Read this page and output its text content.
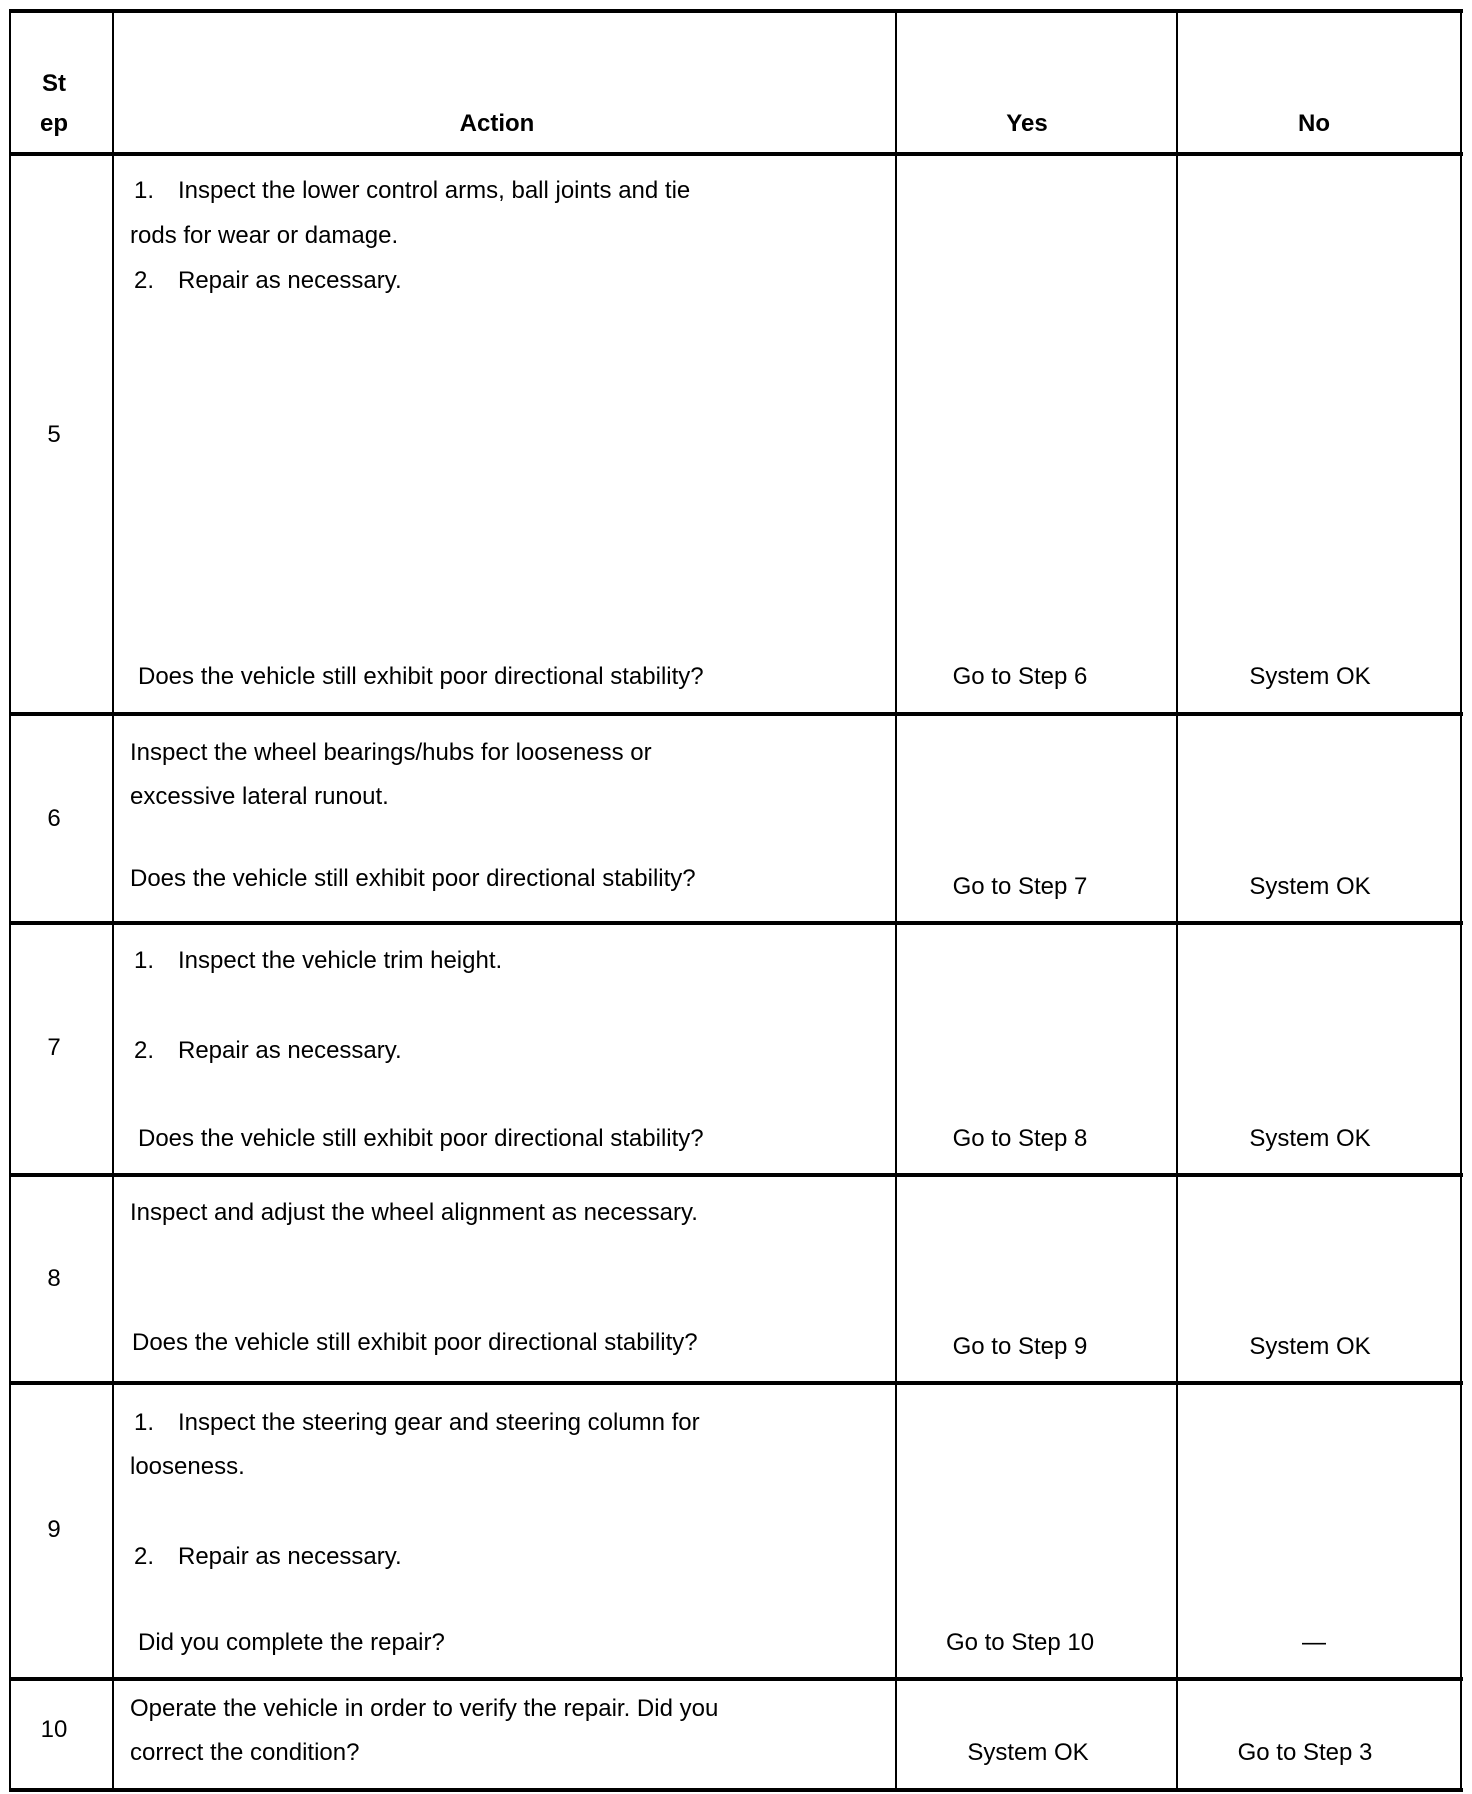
St
ep	Action	Yes	No
5
1. Inspect the lower control arms, ball joints and tie
rods for wear or damage.
2. Repair as necessary.
Does the vehicle still exhibit poor directional stability?	Go to Step 6	System OK
6
Inspect the wheel bearings/hubs for looseness or
excessive lateral runout.
Does the vehicle still exhibit poor directional stability?	Go to Step 7	System OK
7
1. Inspect the vehicle trim height.
2. Repair as necessary.
Does the vehicle still exhibit poor directional stability?	Go to Step 8	System OK
8
Inspect and adjust the wheel alignment as necessary.
Does the vehicle still exhibit poor directional stability?	Go to Step 9	System OK
9
1. Inspect the steering gear and steering column for
looseness.
2. Repair as necessary.
Did you complete the repair?	Go to Step 10	—
10
Operate the vehicle in order to verify the repair. Did you
correct the condition?	System OK	Go to Step 3
